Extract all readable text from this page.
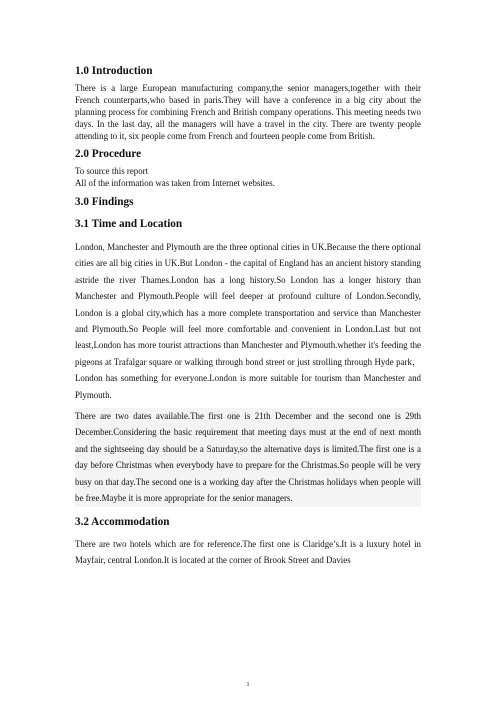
1.0 Introduction

There is a large European manufacturing company,the senior managers,together with their French counterparts,who based in paris.They will have a conference in a big city about the planning process for combining French and British company operations. This meeting needs two days. In the last day, all the managers will have a travel in the city. There are twenty people attending to it, six people come from French and fourteen people come from British.

2.0 Procedure

To source this report

All of the information was taken from Internet websites.

3.0 Findings
3.1 Time and Location

London, Manchester and Plymouth are the three optional cities in UK.Because the there optional cities are all big cities in UK.But London - the capital of England has an ancient history standing astride the river Thames.London has a long history.So London has a longer history than Manchester and Plymouth.People will feel deeper at profound culture of London.Secondly, London is a global city,which has a more complete transportation and service than Manchester and Plymouth.So People will feel more comfortable and convenient in London.Last but not least,London has more tourist attractions than Manchester and Plymouth.whether it's feeding the pigeons at Trafalgar square or walking through bond street or just strolling through Hyde park，London has something for everyone.London is more suitable for tourism than Manchester and Plymouth.

There are two dates available.The first one is 21th December and the second one is 29th December.Considering the basic requirement that meeting days must at the end of next month and the sightseeing day should be a Saturday,so the alternative days is limited.The first one is a day before Christmas when everybody have to prepare for the Christmas.So people will be very busy on that day.The second one is a working day after the Christmas holidays when people will be free.Maybe it is more appropriate for the senior managers.

3.2 Accommodation

There are two hotels which are for reference.The first one is Claridge’s.It is a luxury hotel in Mayfair, central London.It is located at the corner of Brook Street and Davies

1
